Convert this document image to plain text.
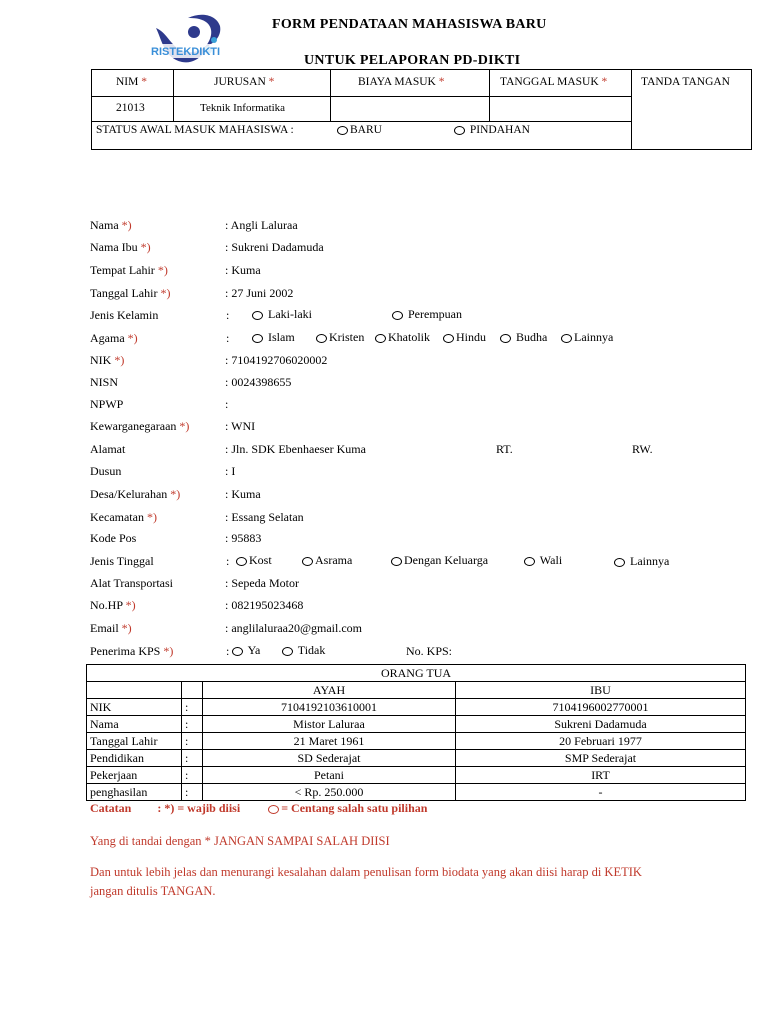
FORM PENDATAAN MAHASISWA BARU
UNTUK PELAPORAN PD-DIKTI
NIM *	JURUSAN *	BIAYA MASUK *	TANGGAL MASUK *	TANDA TANGAN
21013	Teknik Informatika
STATUS AWAL MASUK MAHASISWA :	BARU	PINDAHAN
RISTEKDIKTI
Nama *)	: Angli Laluraa
Nama Ibu *)	: Sukreni Dadamuda
Tempat Lahir *)	: Kuma
Tanggal Lahir *)	: 27 Juni 2002
Jenis Kelamin	:	Laki-laki	Perempuan
Agama *)	:	Islam	Kristen	Khatolik	Hindu	Budha	Lainnya
NIK *)	: 7104192706020002
NISN	: 0024398655
NPWP	:
Kewarganegaraan *)	: WNI
Alamat	: Jln. SDK Ebenhaeser Kuma	RT.	RW.
Dusun	: I
Desa/Kelurahan *)	: Kuma
Kecamatan *)	: Essang Selatan
Kode Pos	: 95883
Jenis Tinggal	:	Kost	Asrama	Dengan Keluarga	Wali	Lainnya
Alat Transportasi	: Sepeda Motor
No.HP *)	: 082195023468
Email *)	: anglilaluraa20@gmail.com
Penerima KPS *)	:	Ya	Tidak	No. KPS:
ORANG TUA			
		AYAH	IBU
NIK	:	7104192103610001	7104196002770001
Nama	:	Mistor Laluraa	Sukreni Dadamuda
Tanggal Lahir	:	21 Maret 1961	20 Februari 1977
Pendidikan	:	SD Sederajat	SMP Sederajat
Pekerjaan	:	Petani	IRT
penghasilan	:	< Rp. 250.000	-
Catatan : *) = wajib diisi	= Centang salah satu pilihan
Yang di tandai dengan * JANGAN SAMPAI SALAH DIISI
Dan untuk lebih jelas dan menurangi kesalahan dalam penulisan form biodata yang akan diisi harap di KETIK
jangan ditulis TANGAN.
